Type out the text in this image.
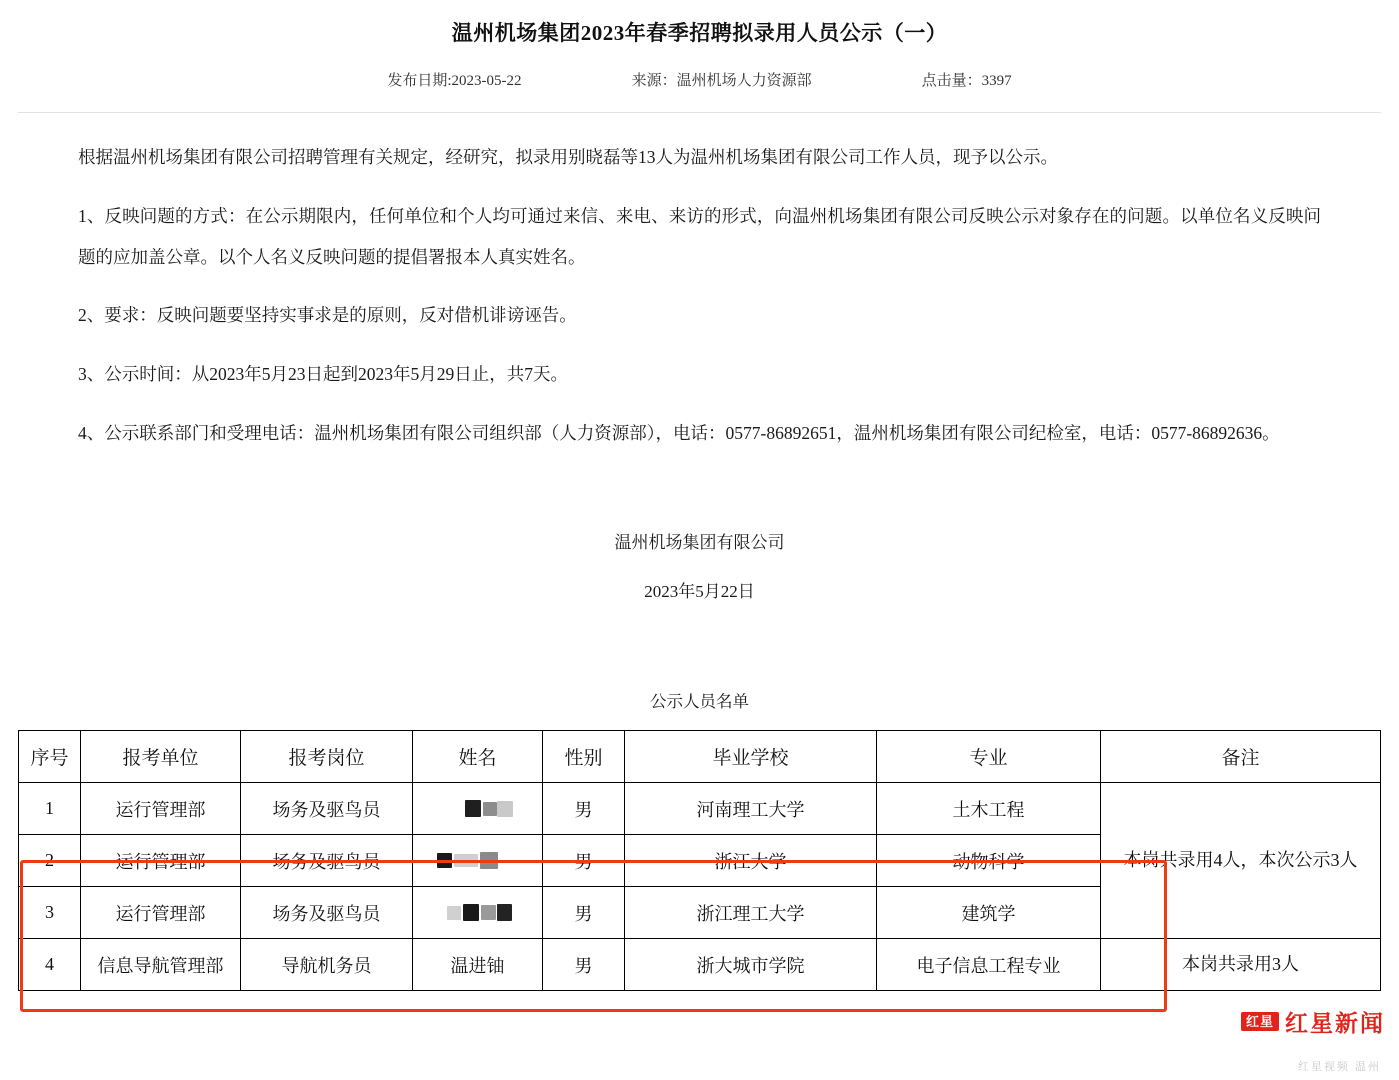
温州机场集团2023年春季招聘拟录用人员公示（一）
发布日期:2023-05-22	来源：温州机场人力资源部	点击量：3397

根据温州机场集团有限公司招聘管理有关规定，经研究，拟录用别晓磊等13人为温州机场集团有限公司工作人员，现予以公示。

1、反映问题的方式：在公示期限内，任何单位和个人均可通过来信、来电、来访的形式，向温州机场集团有限公司反映公示对象存在的问题。以单位名义反映问题的应加盖公章。以个人名义反映问题的提倡署报本人真实姓名。

2、要求：反映问题要坚持实事求是的原则，反对借机诽谤诬告。

3、公示时间：从2023年5月23日起到2023年5月29日止，共7天。

4、公示联系部门和受理电话：温州机场集团有限公司组织部（人力资源部），电话：0577-86892651，温州机场集团有限公司纪检室，电话：0577-86892636。

温州机场集团有限公司
2023年5月22日
公示人员名单
序号	报考单位	报考岗位	姓名	性别	毕业学校	专业	备注
1	运行管理部	场务及驱鸟员		男	河南理工大学	土木工程	本岗共录用4人，本次公示3人
2	运行管理部	场务及驱鸟员		男	浙江大学	动物科学	
3	运行管理部	场务及驱鸟员		男	浙江理工大学	建筑学	
4	信息导航管理部	导航机务员	温进铀	男	浙大城市学院	电子信息工程专业	本岗共录用3人
红星 红星新闻
红星视频 温州
